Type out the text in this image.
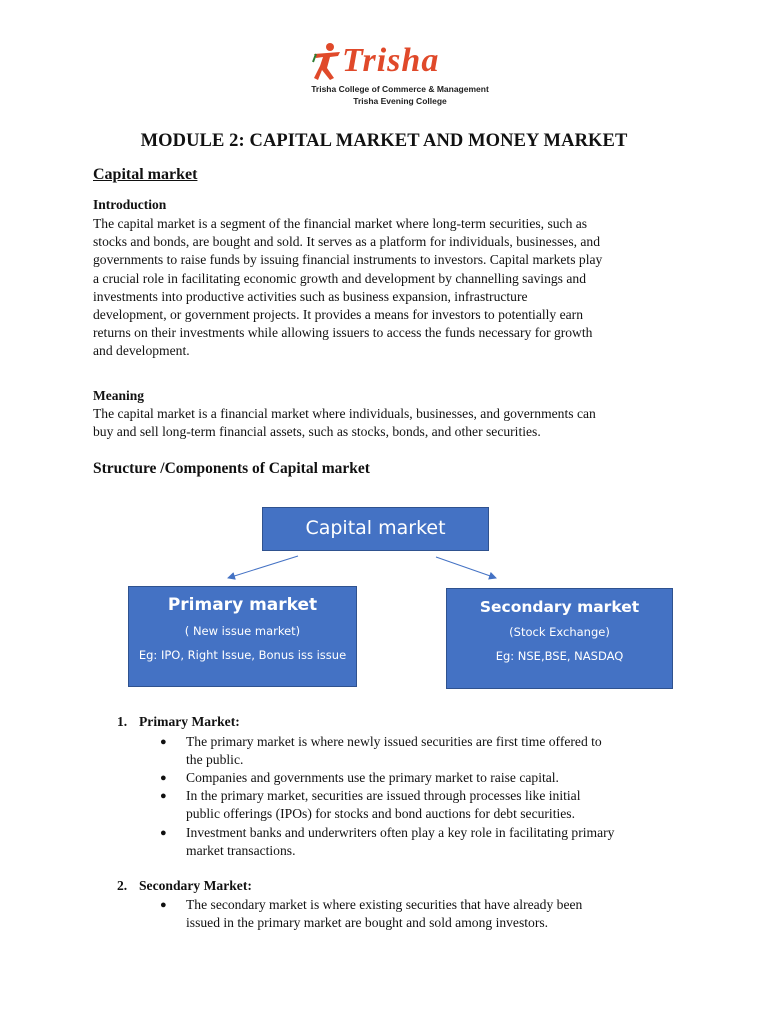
Trisha
Trisha College of Commerce & Management
Trisha Evening College
MODULE 2: CAPITAL MARKET AND MONEY MARKET
Capital market
Introduction
The capital market is a segment of the financial market where long-term securities, such as
stocks and bonds, are bought and sold. It serves as a platform for individuals, businesses, and
governments to raise funds by issuing financial instruments to investors. Capital markets play
a crucial role in facilitating economic growth and development by channelling savings and
investments into productive activities such as business expansion, infrastructure
development, or government projects. It provides a means for investors to potentially earn
returns on their investments while allowing issuers to access the funds necessary for growth
and development.
Meaning
The capital market is a financial market where individuals, businesses, and governments can
buy and sell long-term financial assets, such as stocks, bonds, and other securities.
Structure /Components of Capital market
Capital market
Primary market
( New issue market)
Eg: IPO, Right Issue, Bonus iss issue
Secondary market
(Stock Exchange)
Eg: NSE,BSE, NASDAQ
1. Primary Market:
● The primary market is where newly issued securities are first time offered to
the public.
● Companies and governments use the primary market to raise capital.
● In the primary market, securities are issued through processes like initial
public offerings (IPOs) for stocks and bond auctions for debt securities.
● Investment banks and underwriters often play a key role in facilitating primary
market transactions.
2. Secondary Market:
● The secondary market is where existing securities that have already been
issued in the primary market are bought and sold among investors.
